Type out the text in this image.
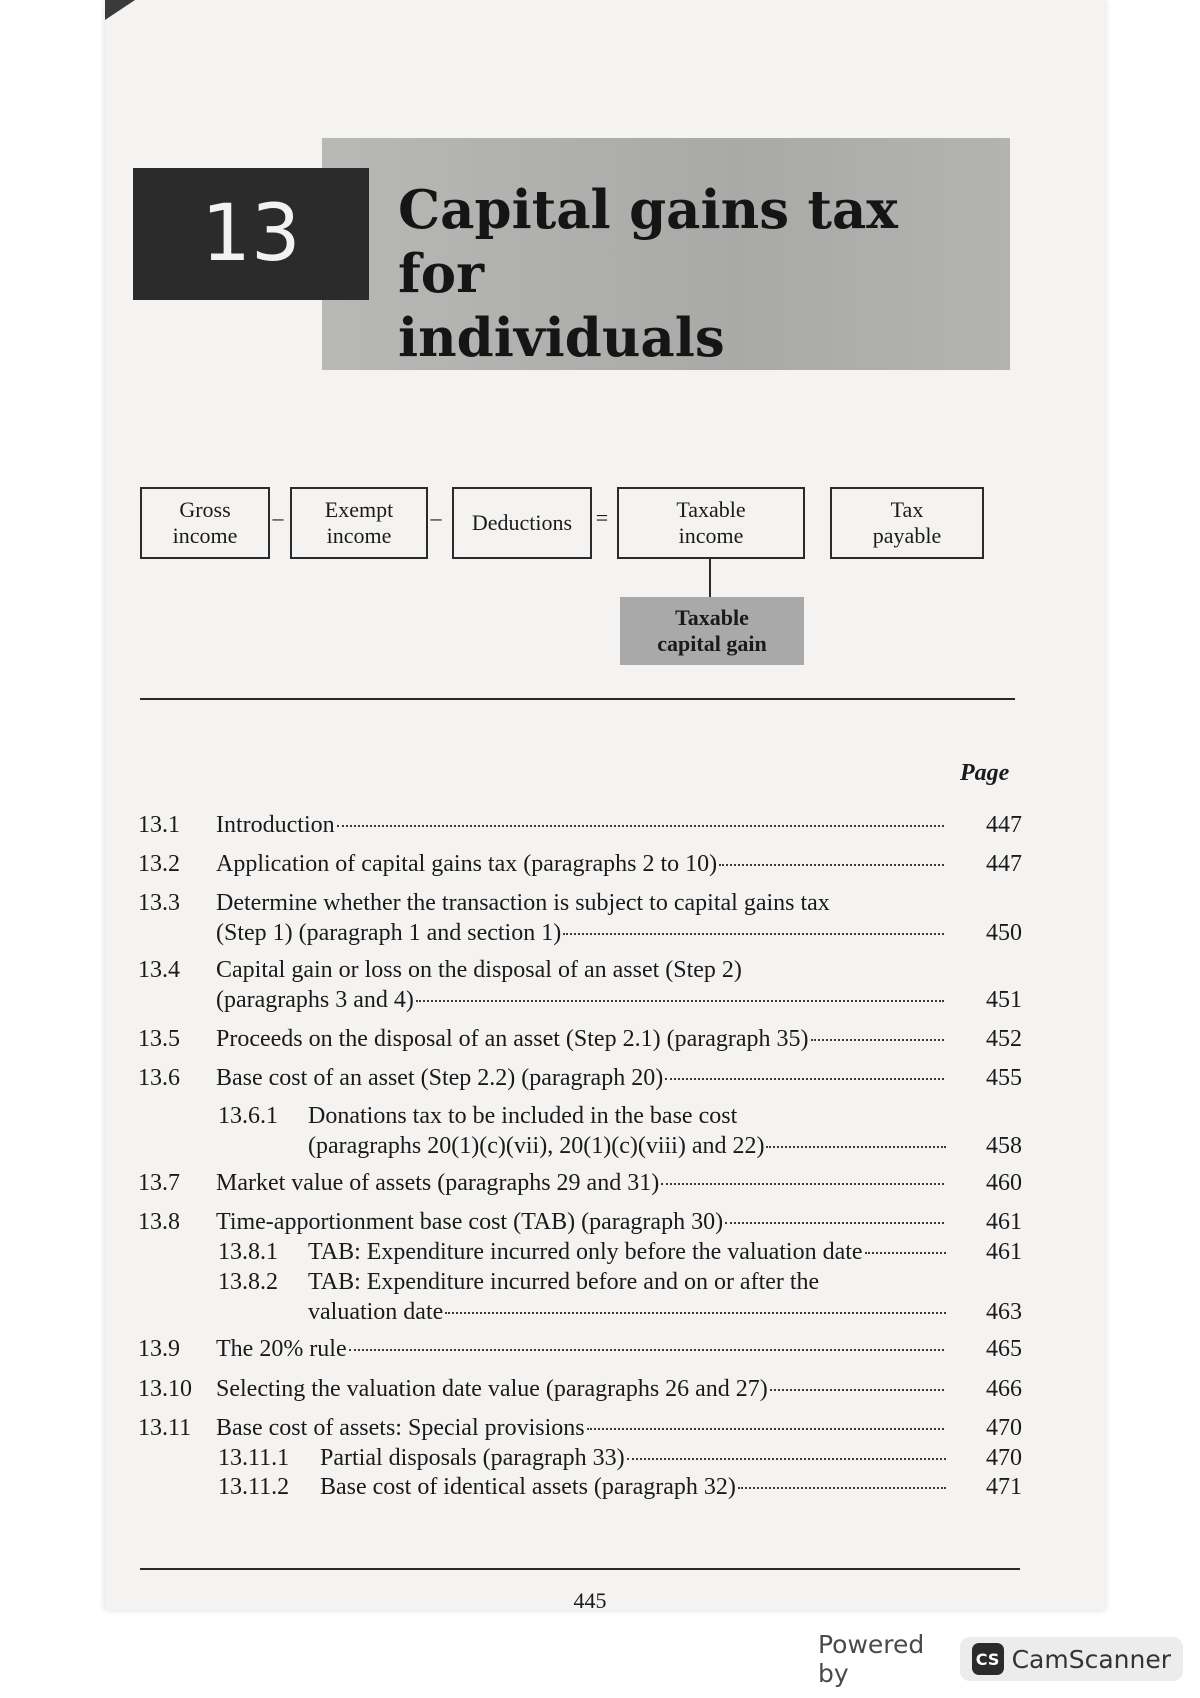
13	Capital gains tax for
individuals
Gross
income
– Exempt
income
– Deductions =	Taxable
income
Tax
payable
Taxable
capital gain
Page
13.1 Introduction	447
13.2 Application of capital gains tax (paragraphs 2 to 10)	447
13.3 Determine whether the transaction is subject to capital gains tax
(Step 1) (paragraph 1 and section 1)	450
13.4 Capital gain or loss on the disposal of an asset (Step 2)
(paragraphs 3 and 4)	451
13.5 Proceeds on the disposal of an asset (Step 2.1) (paragraph 35)	452
13.6 Base cost of an asset (Step 2.2) (paragraph 20)	455
13.6.1 Donations tax to be included in the base cost
(paragraphs 20(1)(c)(vii), 20(1)(c)(viii) and 22)	458
13.7 Market value of assets (paragraphs 29 and 31)	460
13.8 Time-apportionment base cost (TAB) (paragraph 30)	461
13.8.1 TAB: Expenditure incurred only before the valuation date	461
13.8.2 TAB: Expenditure incurred before and on or after the
valuation date	463
13.9 The 20% rule	465
13.10 Selecting the valuation date value (paragraphs 26 and 27)	466
13.11 Base cost of assets: Special provisions	470
13.11.1 Partial disposals (paragraph 33)	470
13.11.2 Base cost of identical assets (paragraph 32)	471
445
Powered by	CS CamScanner
